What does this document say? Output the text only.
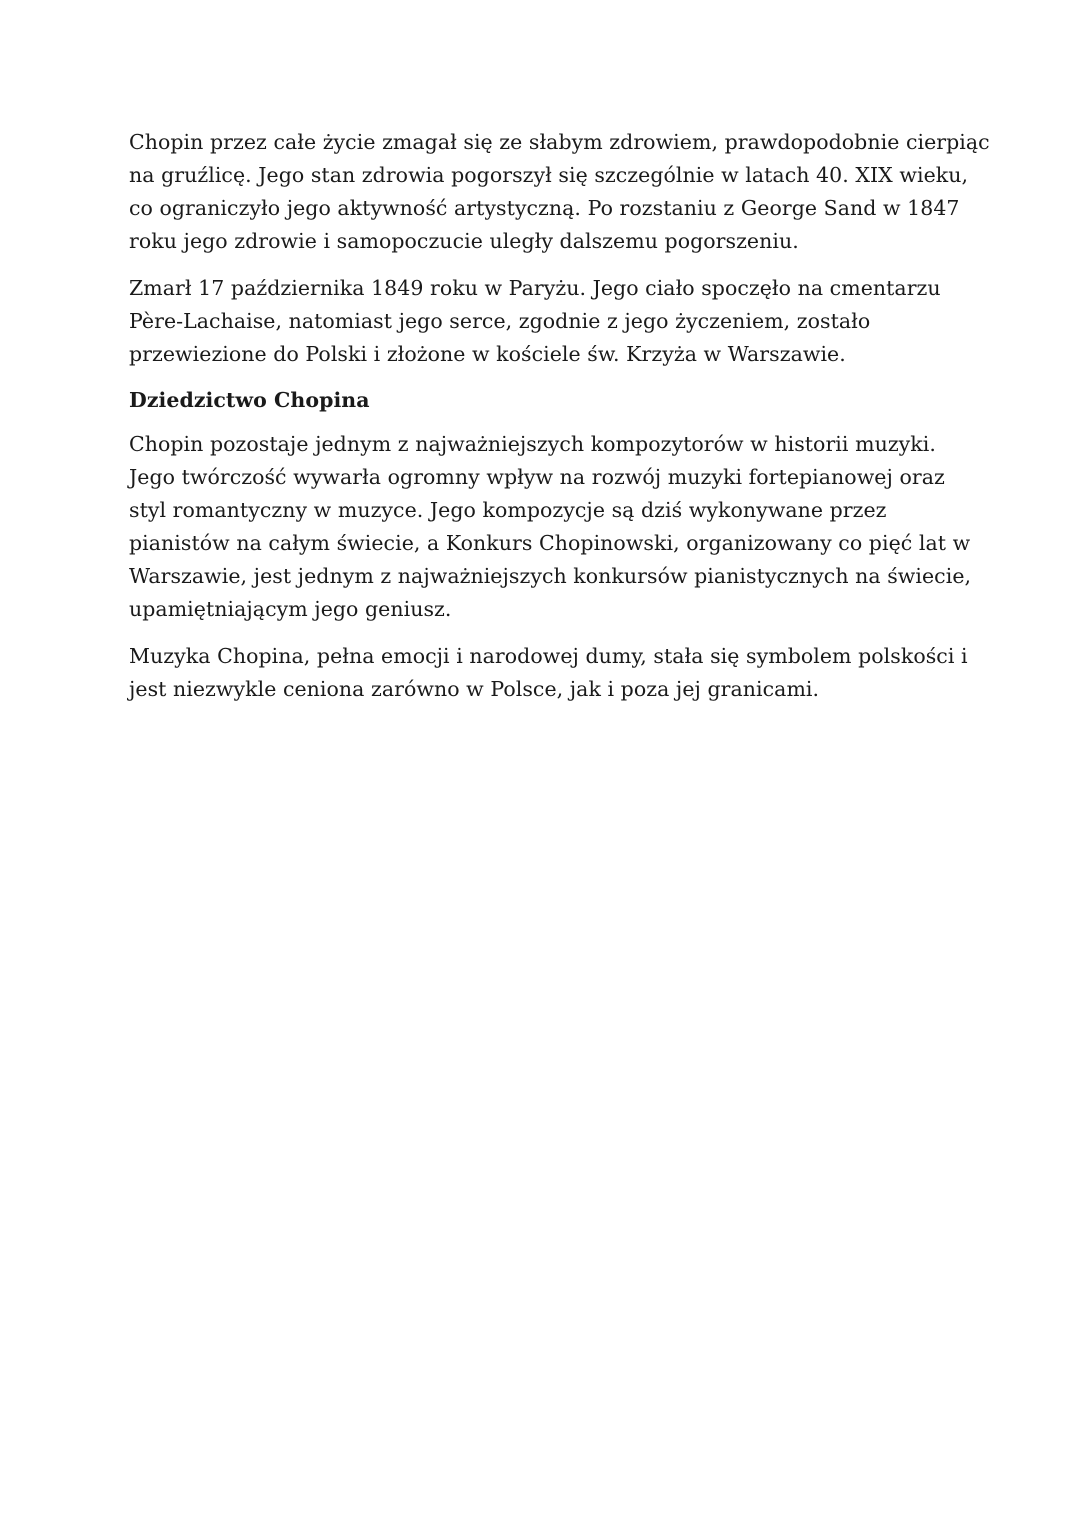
Chopin przez całe życie zmagał się ze słabym zdrowiem, prawdopodobnie cierpiąc
na gruźlicę. Jego stan zdrowia pogorszył się szczególnie w latach 40. XIX wieku,
co ograniczyło jego aktywność artystyczną. Po rozstaniu z George Sand w 1847
roku jego zdrowie i samopoczucie uległy dalszemu pogorszeniu.

Zmarł 17 października 1849 roku w Paryżu. Jego ciało spoczęło na cmentarzu
Père-Lachaise, natomiast jego serce, zgodnie z jego życzeniem, zostało
przewiezione do Polski i złożone w kościele św. Krzyża w Warszawie.

Dziedzictwo Chopina

Chopin pozostaje jednym z najważniejszych kompozytorów w historii muzyki.
Jego twórczość wywarła ogromny wpływ na rozwój muzyki fortepianowej oraz
styl romantyczny w muzyce. Jego kompozycje są dziś wykonywane przez
pianistów na całym świecie, a Konkurs Chopinowski, organizowany co pięć lat w
Warszawie, jest jednym z najważniejszych konkursów pianistycznych na świecie,
upamiętniającym jego geniusz.

Muzyka Chopina, pełna emocji i narodowej dumy, stała się symbolem polskości i
jest niezwykle ceniona zarówno w Polsce, jak i poza jej granicami.
